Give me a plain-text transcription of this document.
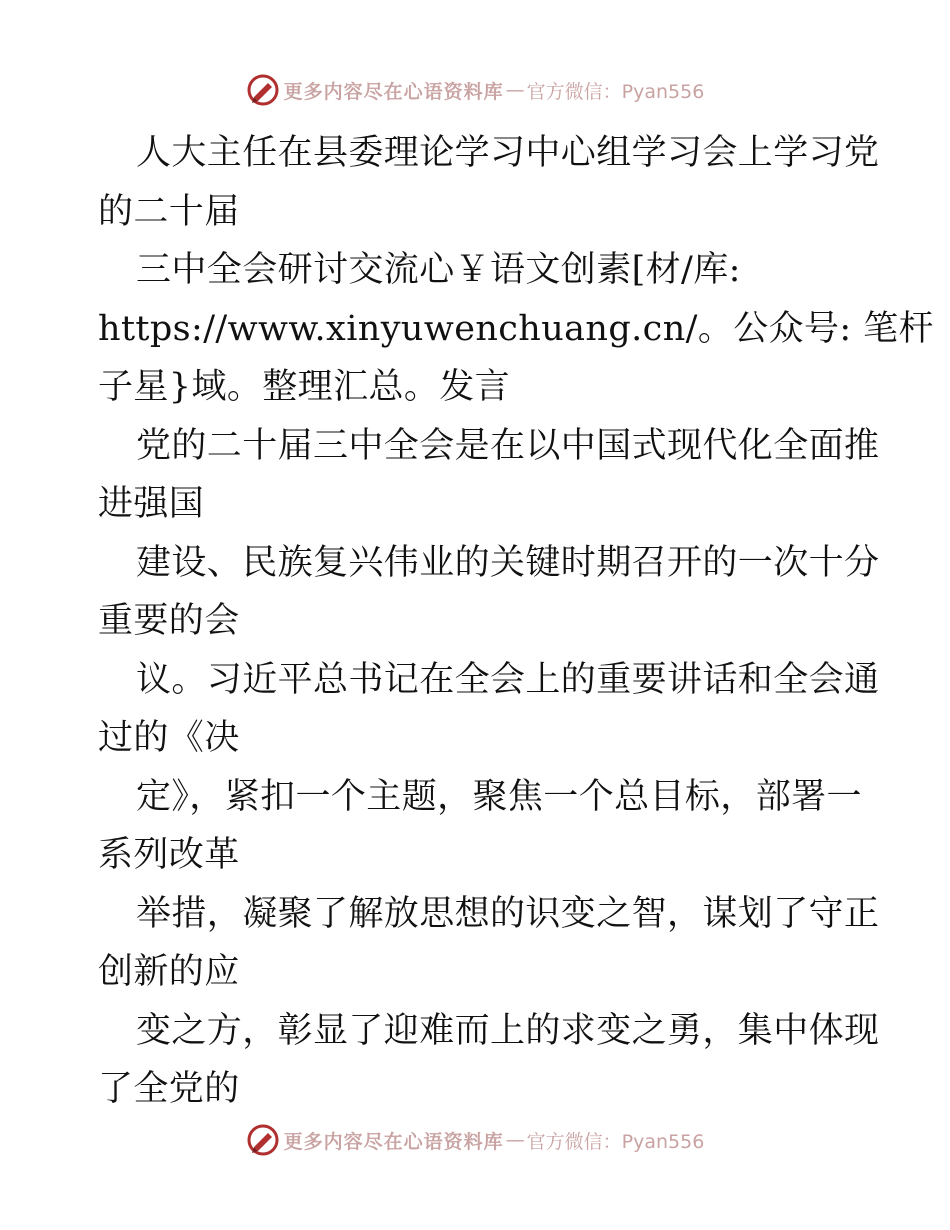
更多内容尽在心语资料库 — 官方微信：Pyan556
人大主任在县委理论学习中心组学习会上学习党
的二十届
三中全会研讨交流心￥语文创素[材/库:
https://www.xinyuwenchuang.cn/。公众号: 笔杆
子星}域。整理汇总。发言
党的二十届三中全会是在以中国式现代化全面推
进强国
建设、民族复兴伟业的关键时期召开的一次十分
重要的会
议。习近平总书记在全会上的重要讲话和全会通
过的《决
定》，紧扣一个主题，聚焦一个总目标，部署一
系列改革
举措，凝聚了解放思想的识变之智，谋划了守正
创新的应
变之方，彰显了迎难而上的求变之勇，集中体现
了全党的
更多内容尽在心语资料库 — 官方微信：Pyan556
